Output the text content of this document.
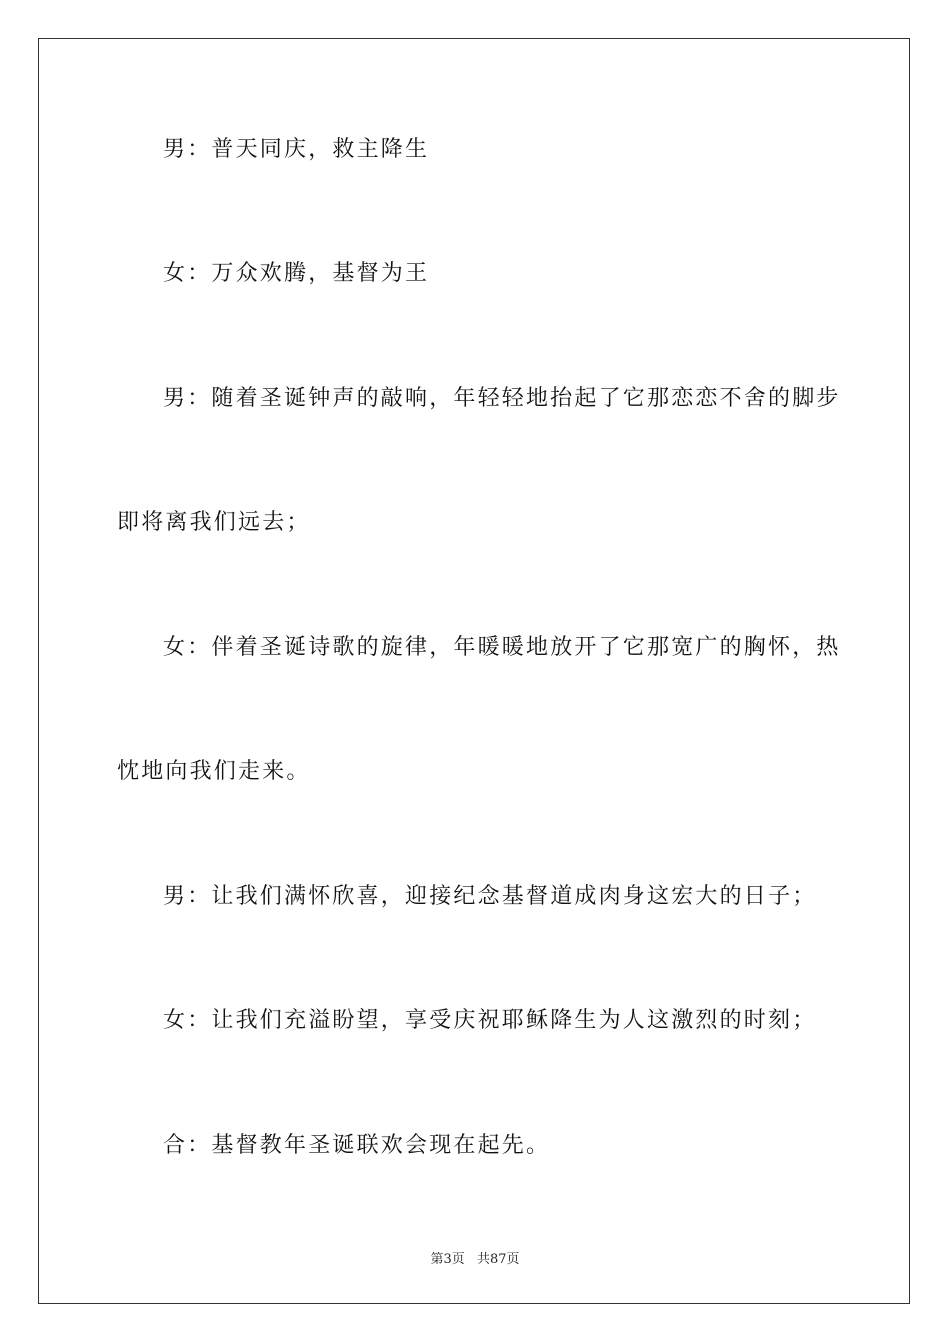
男：普天同庆，救主降生
女：万众欢腾，基督为王
男：随着圣诞钟声的敲响，年轻轻地抬起了它那恋恋不舍的脚步
即将离我们远去；
女：伴着圣诞诗歌的旋律，年暖暖地放开了它那宽广的胸怀，热
忱地向我们走来。
男：让我们满怀欣喜，迎接纪念基督道成肉身这宏大的日子；
女：让我们充溢盼望，享受庆祝耶稣降生为人这激烈的时刻；
合：基督教年圣诞联欢会现在起先。
第3页 共87页
